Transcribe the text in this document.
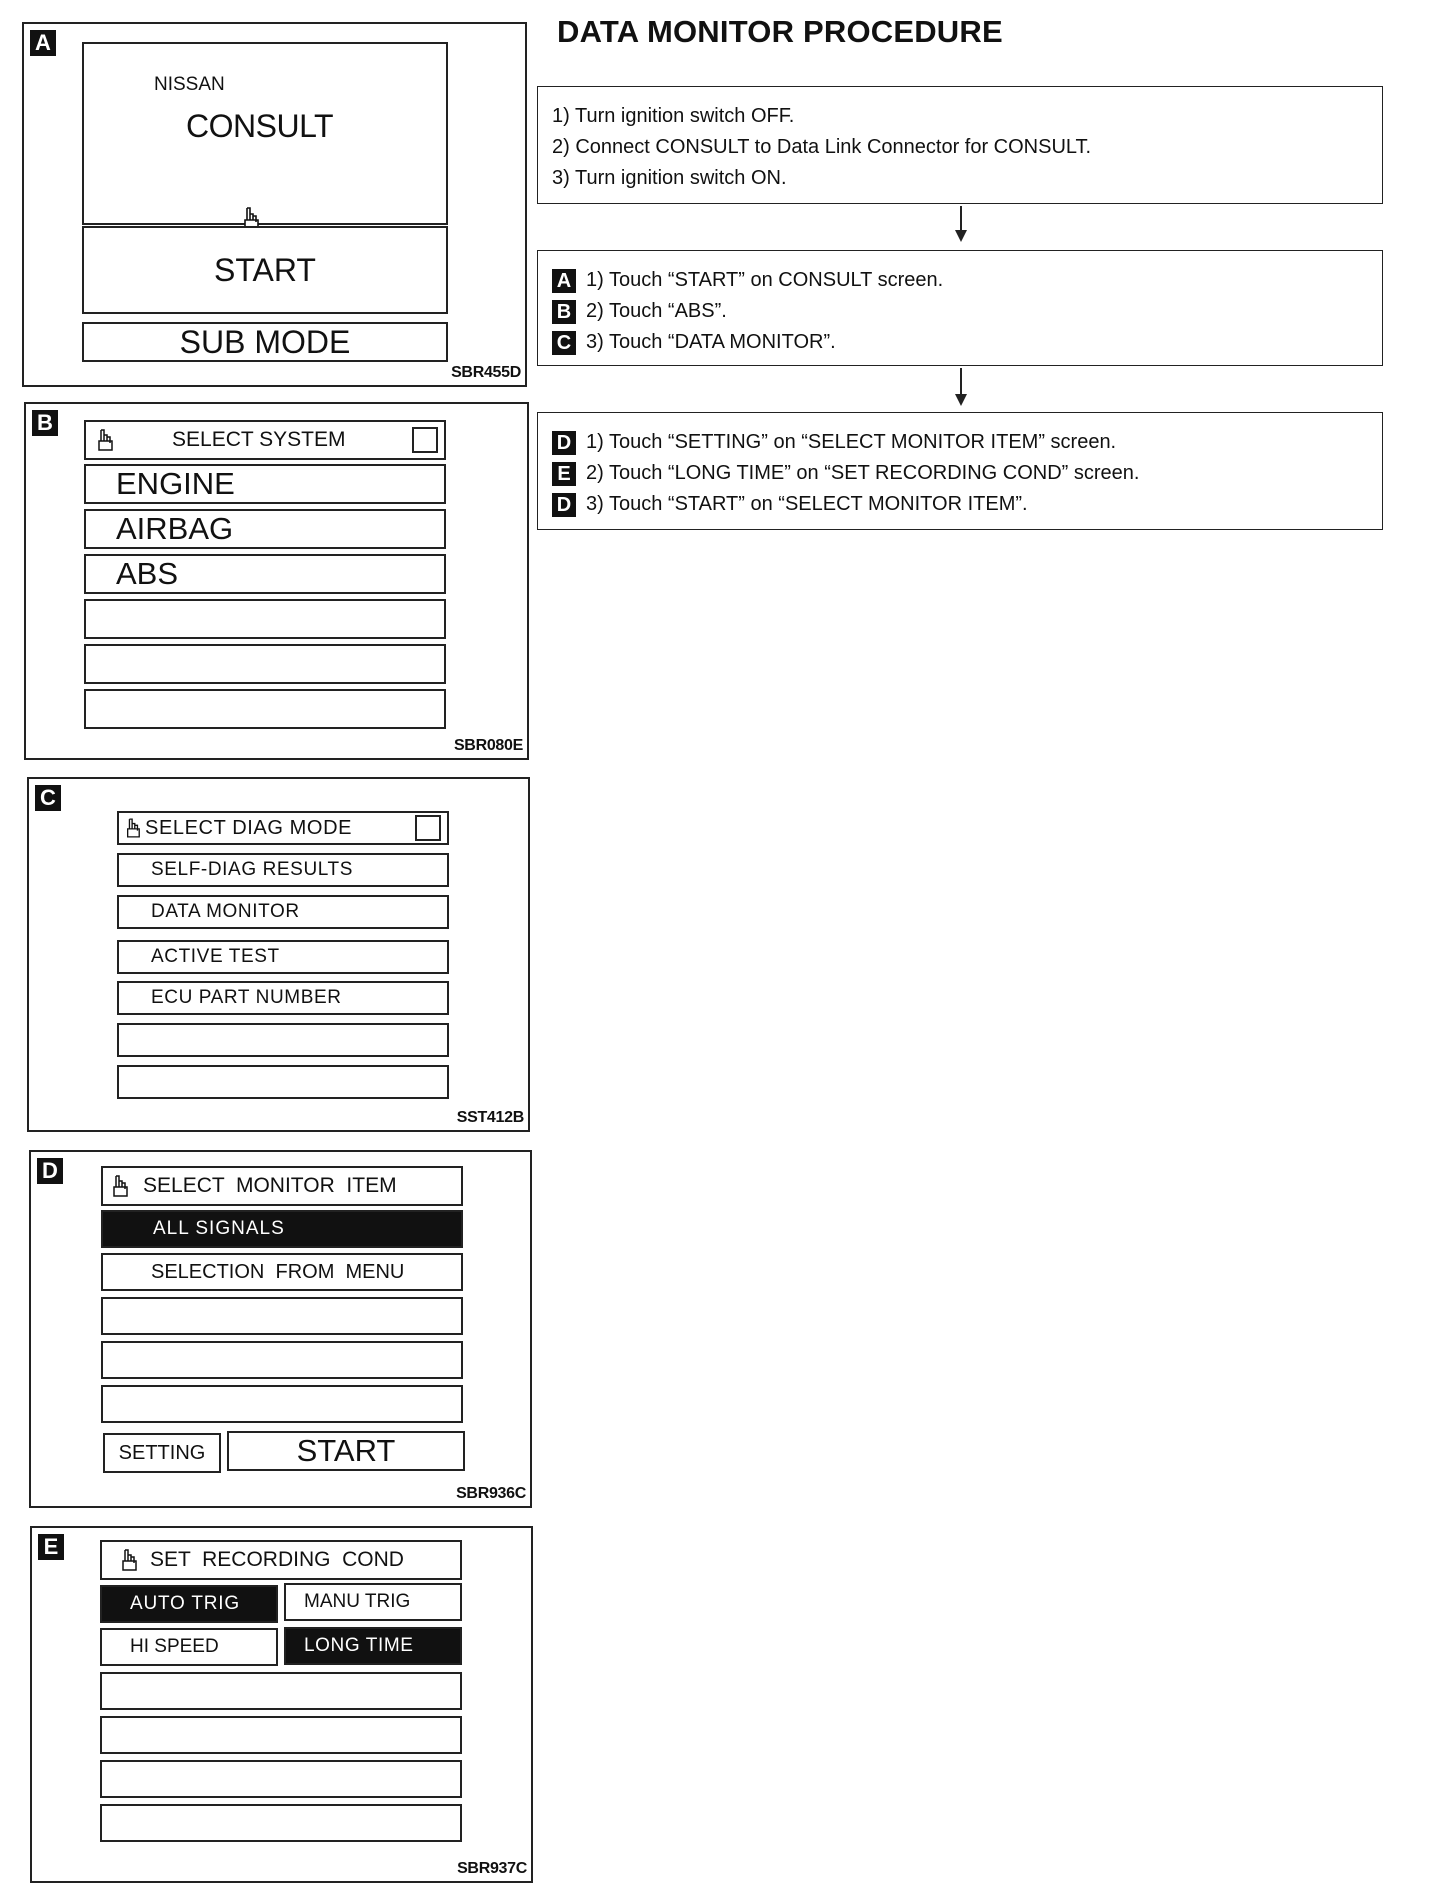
A
NISSAN
CONSULT
START
SUB MODE
SBR455D
B
SELECT SYSTEM
ENGINE
AIRBAG
ABS
SBR080E
C
SELECT DIAG MODE
SELF-DIAG RESULTS
DATA MONITOR
ACTIVE TEST
ECU PART NUMBER
SST412B
D
SELECT  MONITOR  ITEM
ALL SIGNALS
SELECTION  FROM  MENU
SETTING	START
SBR936C
E
SET  RECORDING  COND
AUTO TRIG	MANU TRIG
HI SPEED	LONG TIME
SBR937C
DATA MONITOR PROCEDURE
1) Turn ignition switch OFF.
2) Connect CONSULT to Data Link Connector for CONSULT.
3) Turn ignition switch ON.
A 1) Touch “START” on CONSULT screen.
B 2) Touch “ABS”.
C 3) Touch “DATA MONITOR”.
D 1) Touch “SETTING” on “SELECT MONITOR ITEM” screen.
E 2) Touch “LONG TIME” on “SET RECORDING COND” screen.
D 3) Touch “START” on “SELECT MONITOR ITEM”.
